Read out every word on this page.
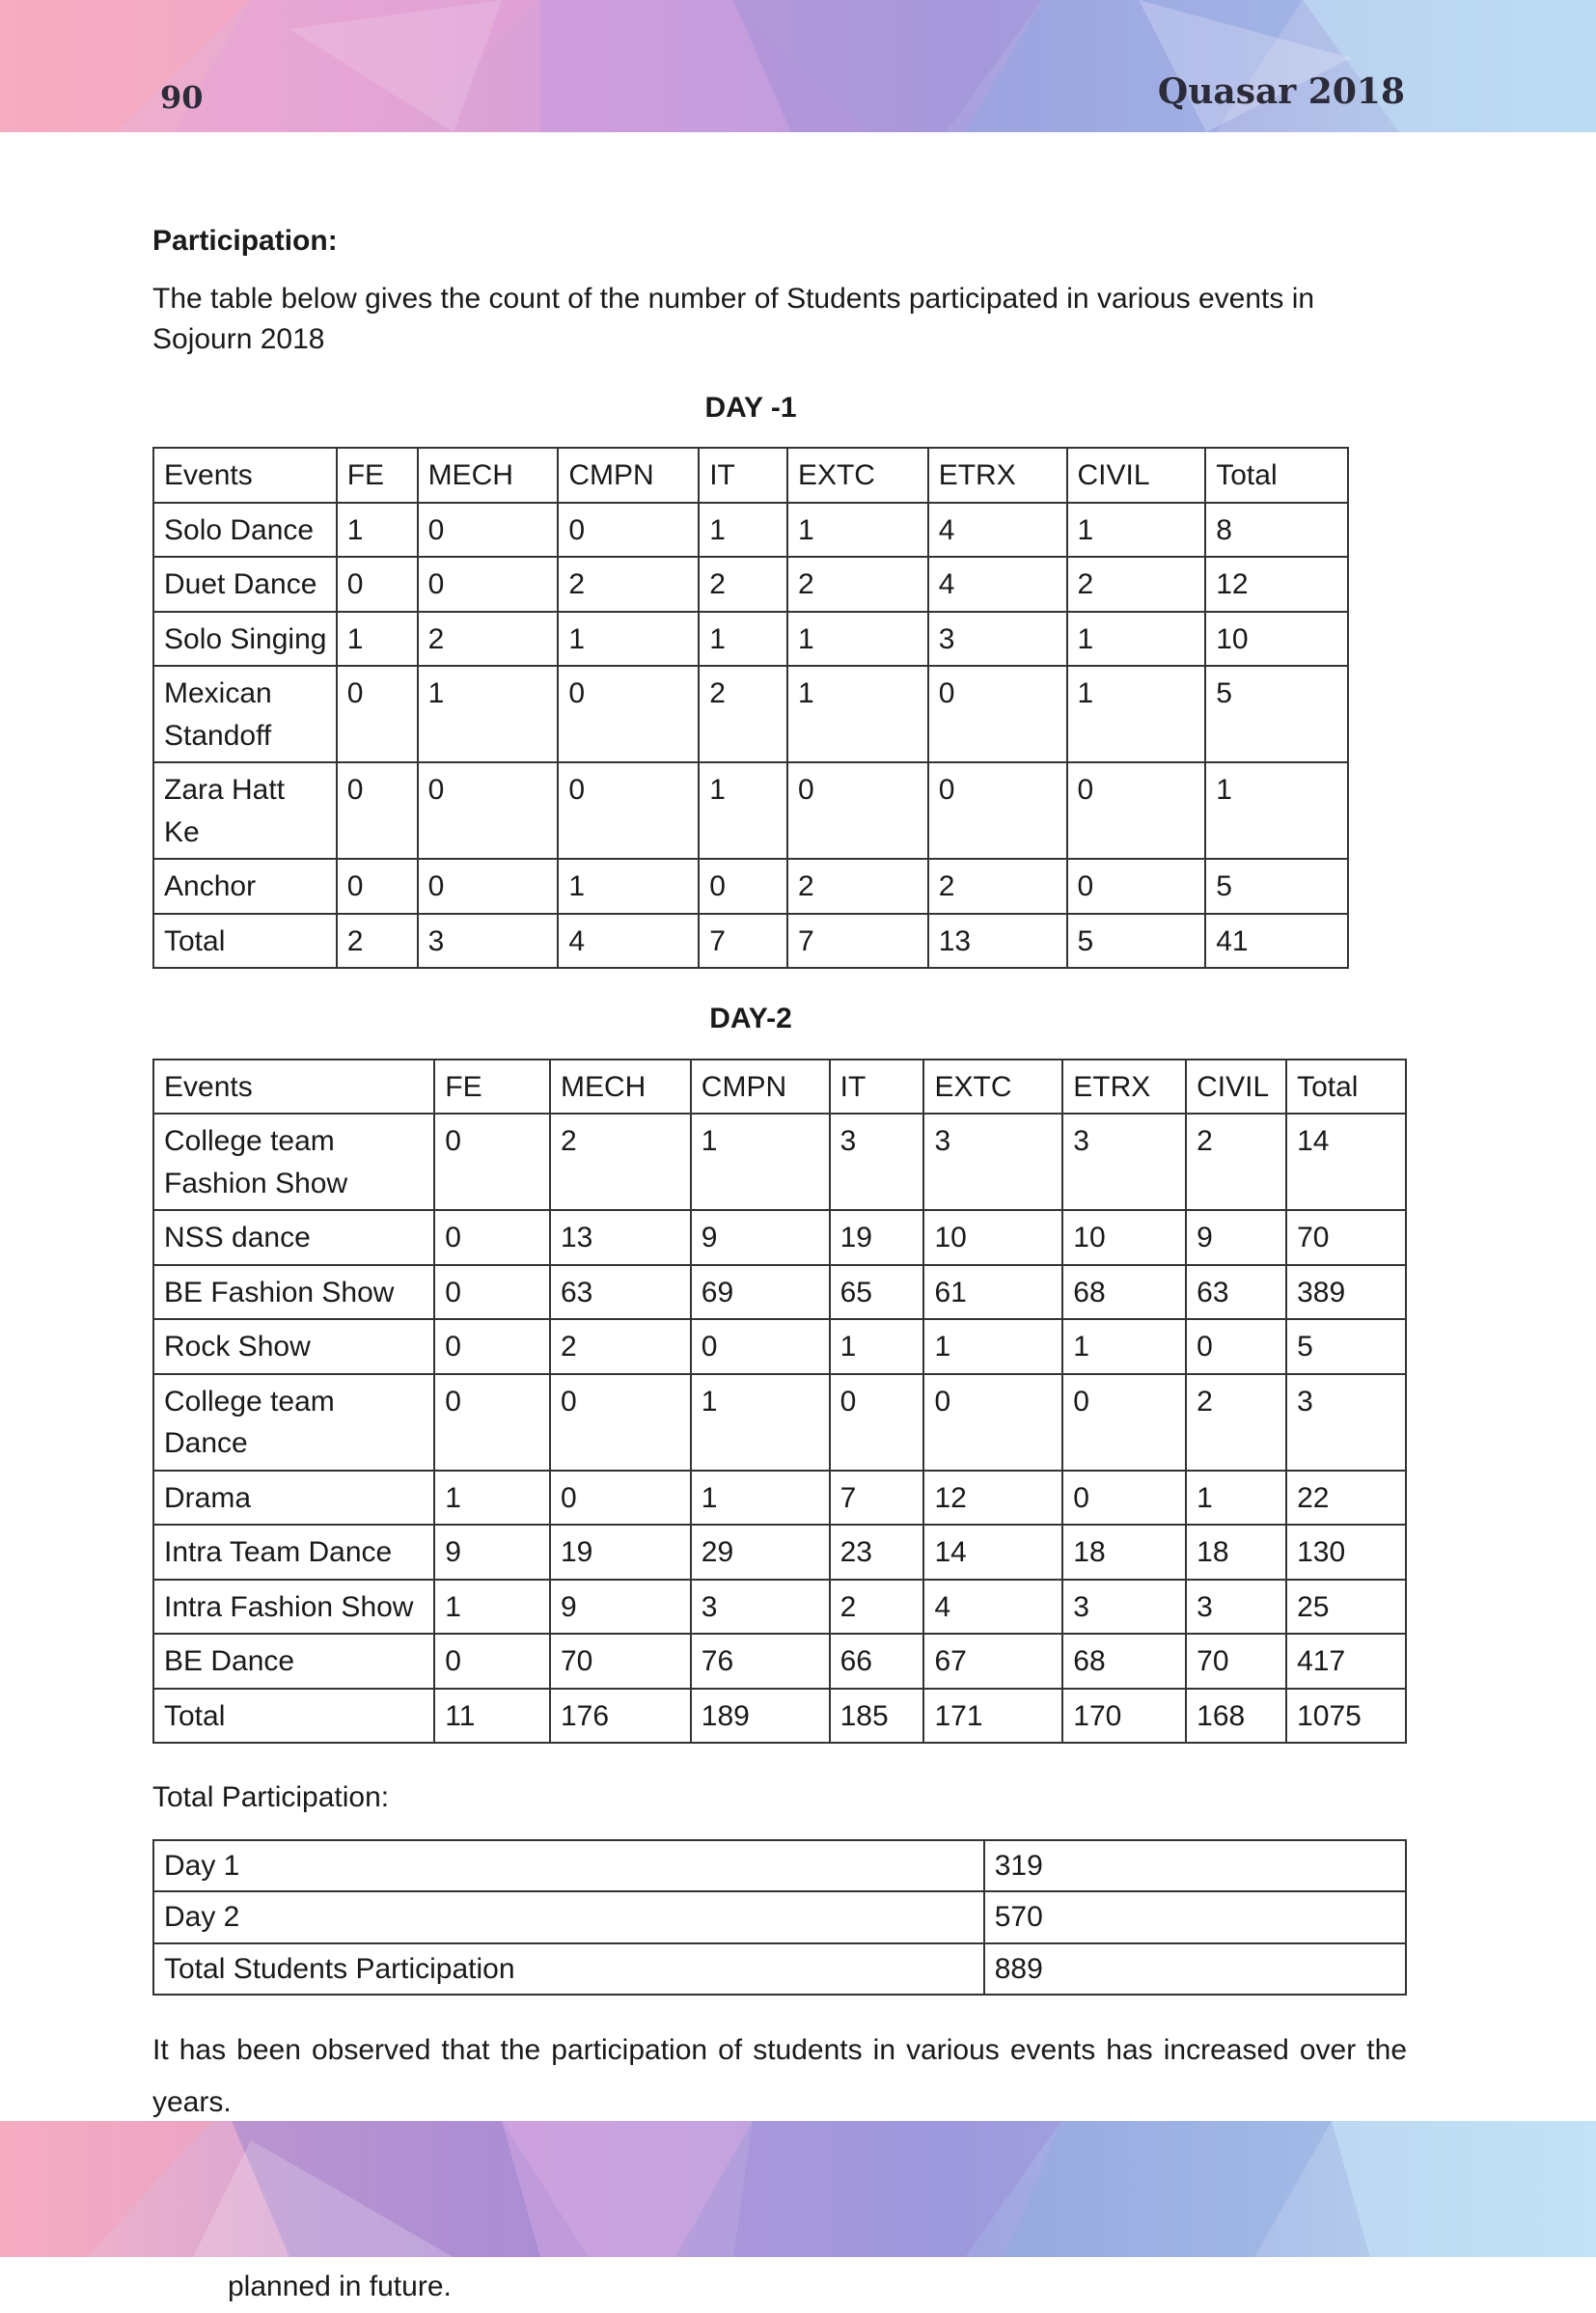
90	Quasar 2018
Participation:
The table below gives the count of the number of Students participated in various events in Sojourn 2018
DAY -1
Events	FE	MECH	CMPN	IT	EXTC	ETRX	CIVIL	Total
Solo Dance	1	0	0	1	1	4	1	8
Duet Dance	0	0	2	2	2	4	2	12
Solo Singing	1	2	1	1	1	3	1	10
Mexican Standoff	0	1	0	2	1	0	1	5
Zara Hatt Ke	0	0	0	1	0	0	0	1
Anchor	0	0	1	0	2	2	0	5
Total	2	3	4	7	7	13	5	41
DAY-2
Events	FE	MECH	CMPN	IT	EXTC	ETRX	CIVIL	Total
College team Fashion Show	0	2	1	3	3	3	2	14
NSS dance	0	13	9	19	10	10	9	70
BE Fashion Show	0	63	69	65	61	68	63	389
Rock Show	0	2	0	1	1	1	0	5
College team Dance	0	0	1	0	0	0	2	3
Drama	1	0	1	7	12	0	1	22
Intra Team Dance	9	19	29	23	14	18	18	130
Intra Fashion Show	1	9	3	2	4	3	3	25
BE Dance	0	70	76	66	67	68	70	417
Total	11	176	189	185	171	170	168	1075
Total Participation:
Day 1	319
Day 2	570
Total Students Participation	889
It has been observed that the participation of students in various events has increased over the years.
planned in future.
